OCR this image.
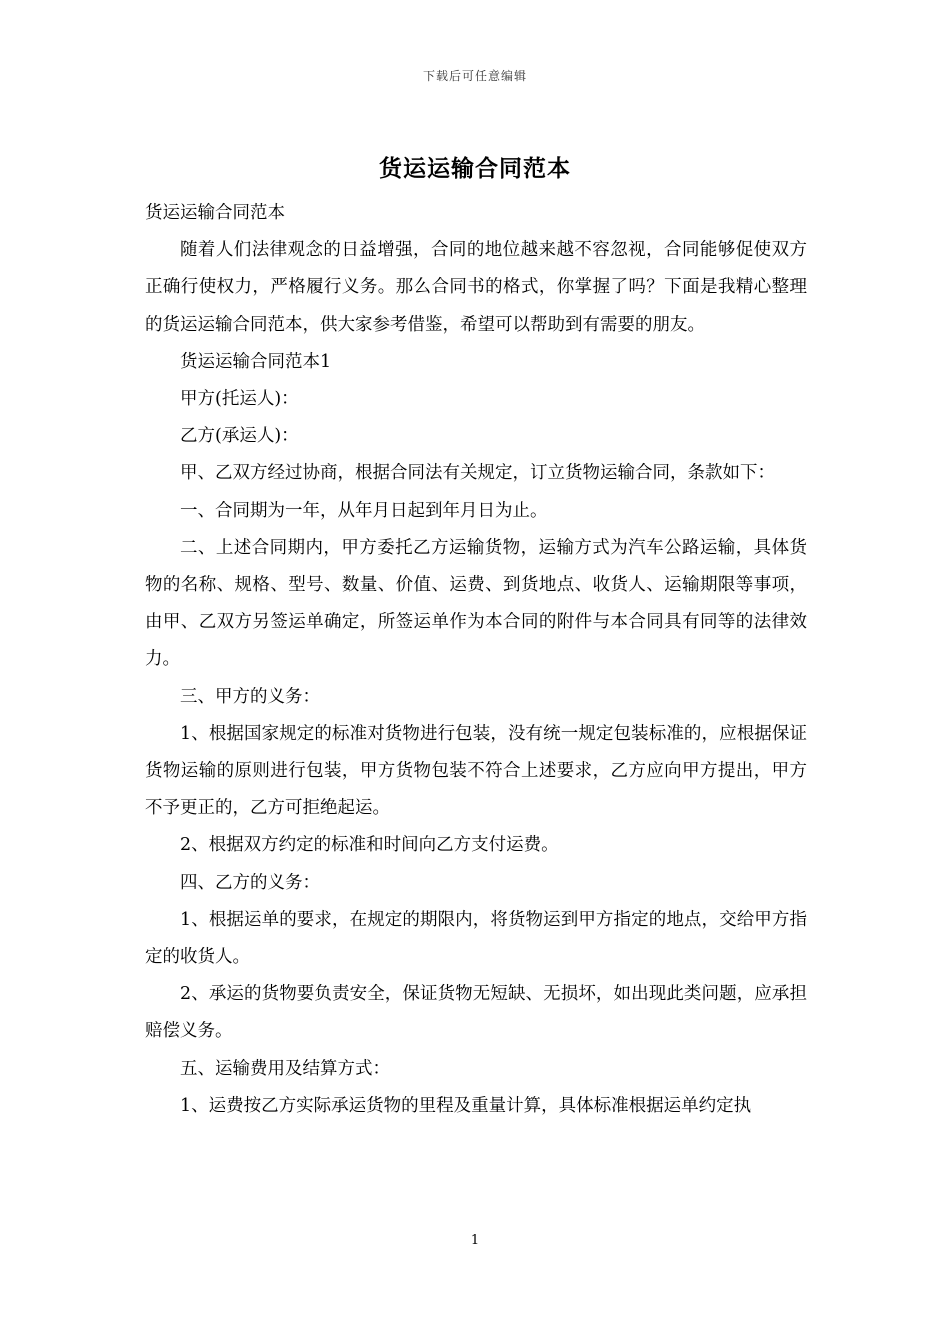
下载后可任意编辑
货运运输合同范本

货运运输合同范本

随着人们法律观念的日益增强，合同的地位越来越不容忽视，合同能够促使双方正确行使权力，严格履行义务。那么合同书的格式，你掌握了吗？下面是我精心整理的货运运输合同范本，供大家参考借鉴，希望可以帮助到有需要的朋友。

货运运输合同范本1

甲方(托运人)：

乙方(承运人)：

甲、乙双方经过协商，根据合同法有关规定，订立货物运输合同，条款如下：

一、合同期为一年，从年月日起到年月日为止。

二、上述合同期内，甲方委托乙方运输货物，运输方式为汽车公路运输，具体货物的名称、规格、型号、数量、价值、运费、到货地点、收货人、运输期限等事项，由甲、乙双方另签运单确定，所签运单作为本合同的附件与本合同具有同等的法律效力。

三、甲方的义务：

1、根据国家规定的标准对货物进行包装，没有统一规定包装标准的，应根据保证货物运输的原则进行包装，甲方货物包装不符合上述要求，乙方应向甲方提出，甲方不予更正的，乙方可拒绝起运。

2、根据双方约定的标准和时间向乙方支付运费。

四、乙方的义务：

1、根据运单的要求，在规定的期限内，将货物运到甲方指定的地点，交给甲方指定的收货人。

2、承运的货物要负责安全，保证货物无短缺、无损坏，如出现此类问题，应承担赔偿义务。

五、运输费用及结算方式：

1、运费按乙方实际承运货物的里程及重量计算，具体标准根据运单约定执

1
